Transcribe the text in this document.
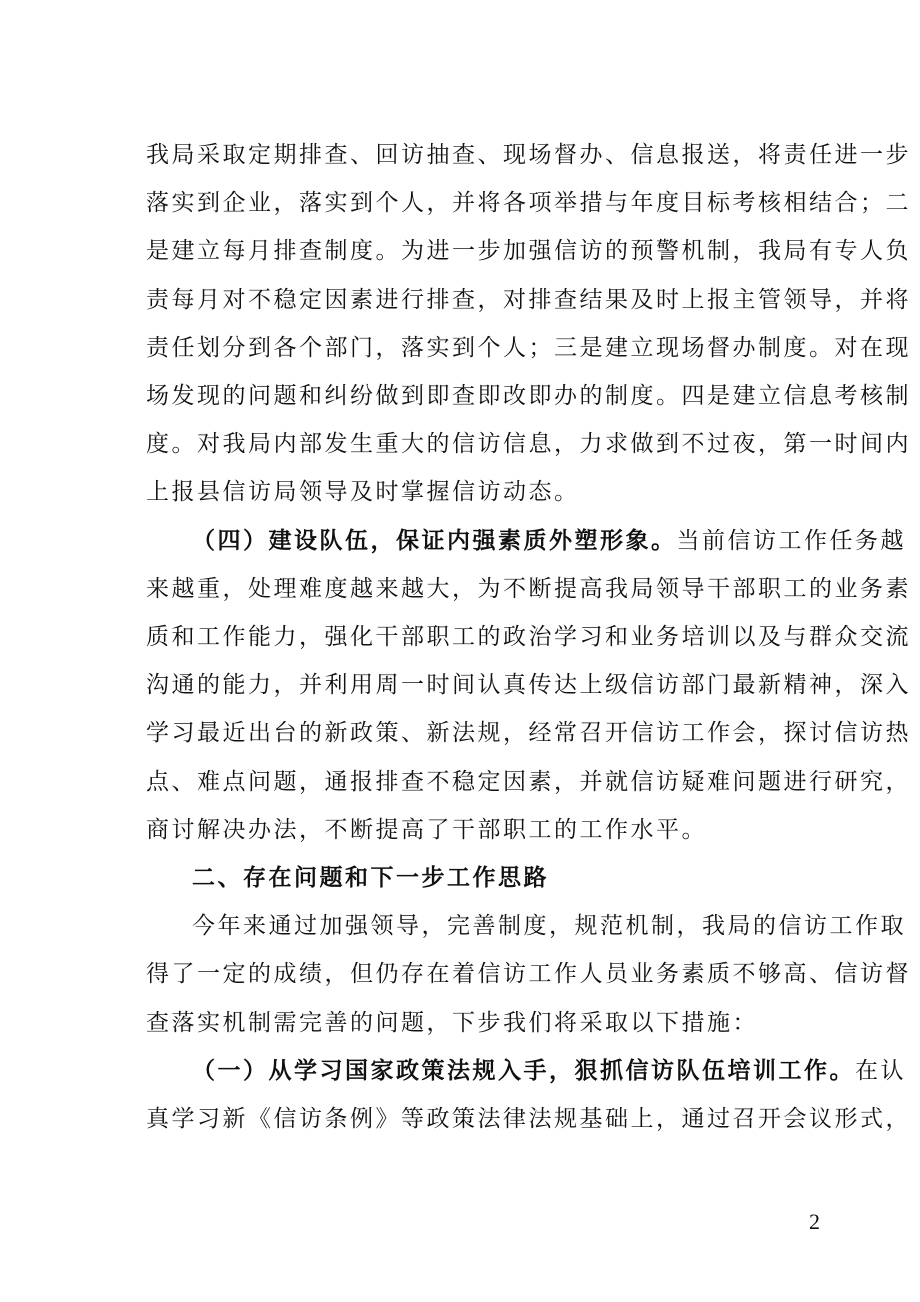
我局采取定期排查、回访抽查、现场督办、信息报送，将责任进一步
落实到企业，落实到个人，并将各项举措与年度目标考核相结合；二
是建立每月排查制度。为进一步加强信访的预警机制，我局有专人负
责每月对不稳定因素进行排查，对排查结果及时上报主管领导，并将
责任划分到各个部门，落实到个人；三是建立现场督办制度。对在现
场发现的问题和纠纷做到即查即改即办的制度。四是建立信息考核制
度。对我局内部发生重大的信访信息，力求做到不过夜，第一时间内
上报县信访局领导及时掌握信访动态。
（四）建设队伍，保证内强素质外塑形象。当前信访工作任务越
来越重，处理难度越来越大，为不断提高我局领导干部职工的业务素
质和工作能力，强化干部职工的政治学习和业务培训以及与群众交流
沟通的能力，并利用周一时间认真传达上级信访部门最新精神，深入
学习最近出台的新政策、新法规，经常召开信访工作会，探讨信访热
点、难点问题，通报排查不稳定因素，并就信访疑难问题进行研究，
商讨解决办法，不断提高了干部职工的工作水平。
二、存在问题和下一步工作思路
今年来通过加强领导，完善制度，规范机制，我局的信访工作取
得了一定的成绩，但仍存在着信访工作人员业务素质不够高、信访督
查落实机制需完善的问题，下步我们将采取以下措施：
（一）从学习国家政策法规入手，狠抓信访队伍培训工作。在认
真学习新《信访条例》等政策法律法规基础上，通过召开会议形式，
2
